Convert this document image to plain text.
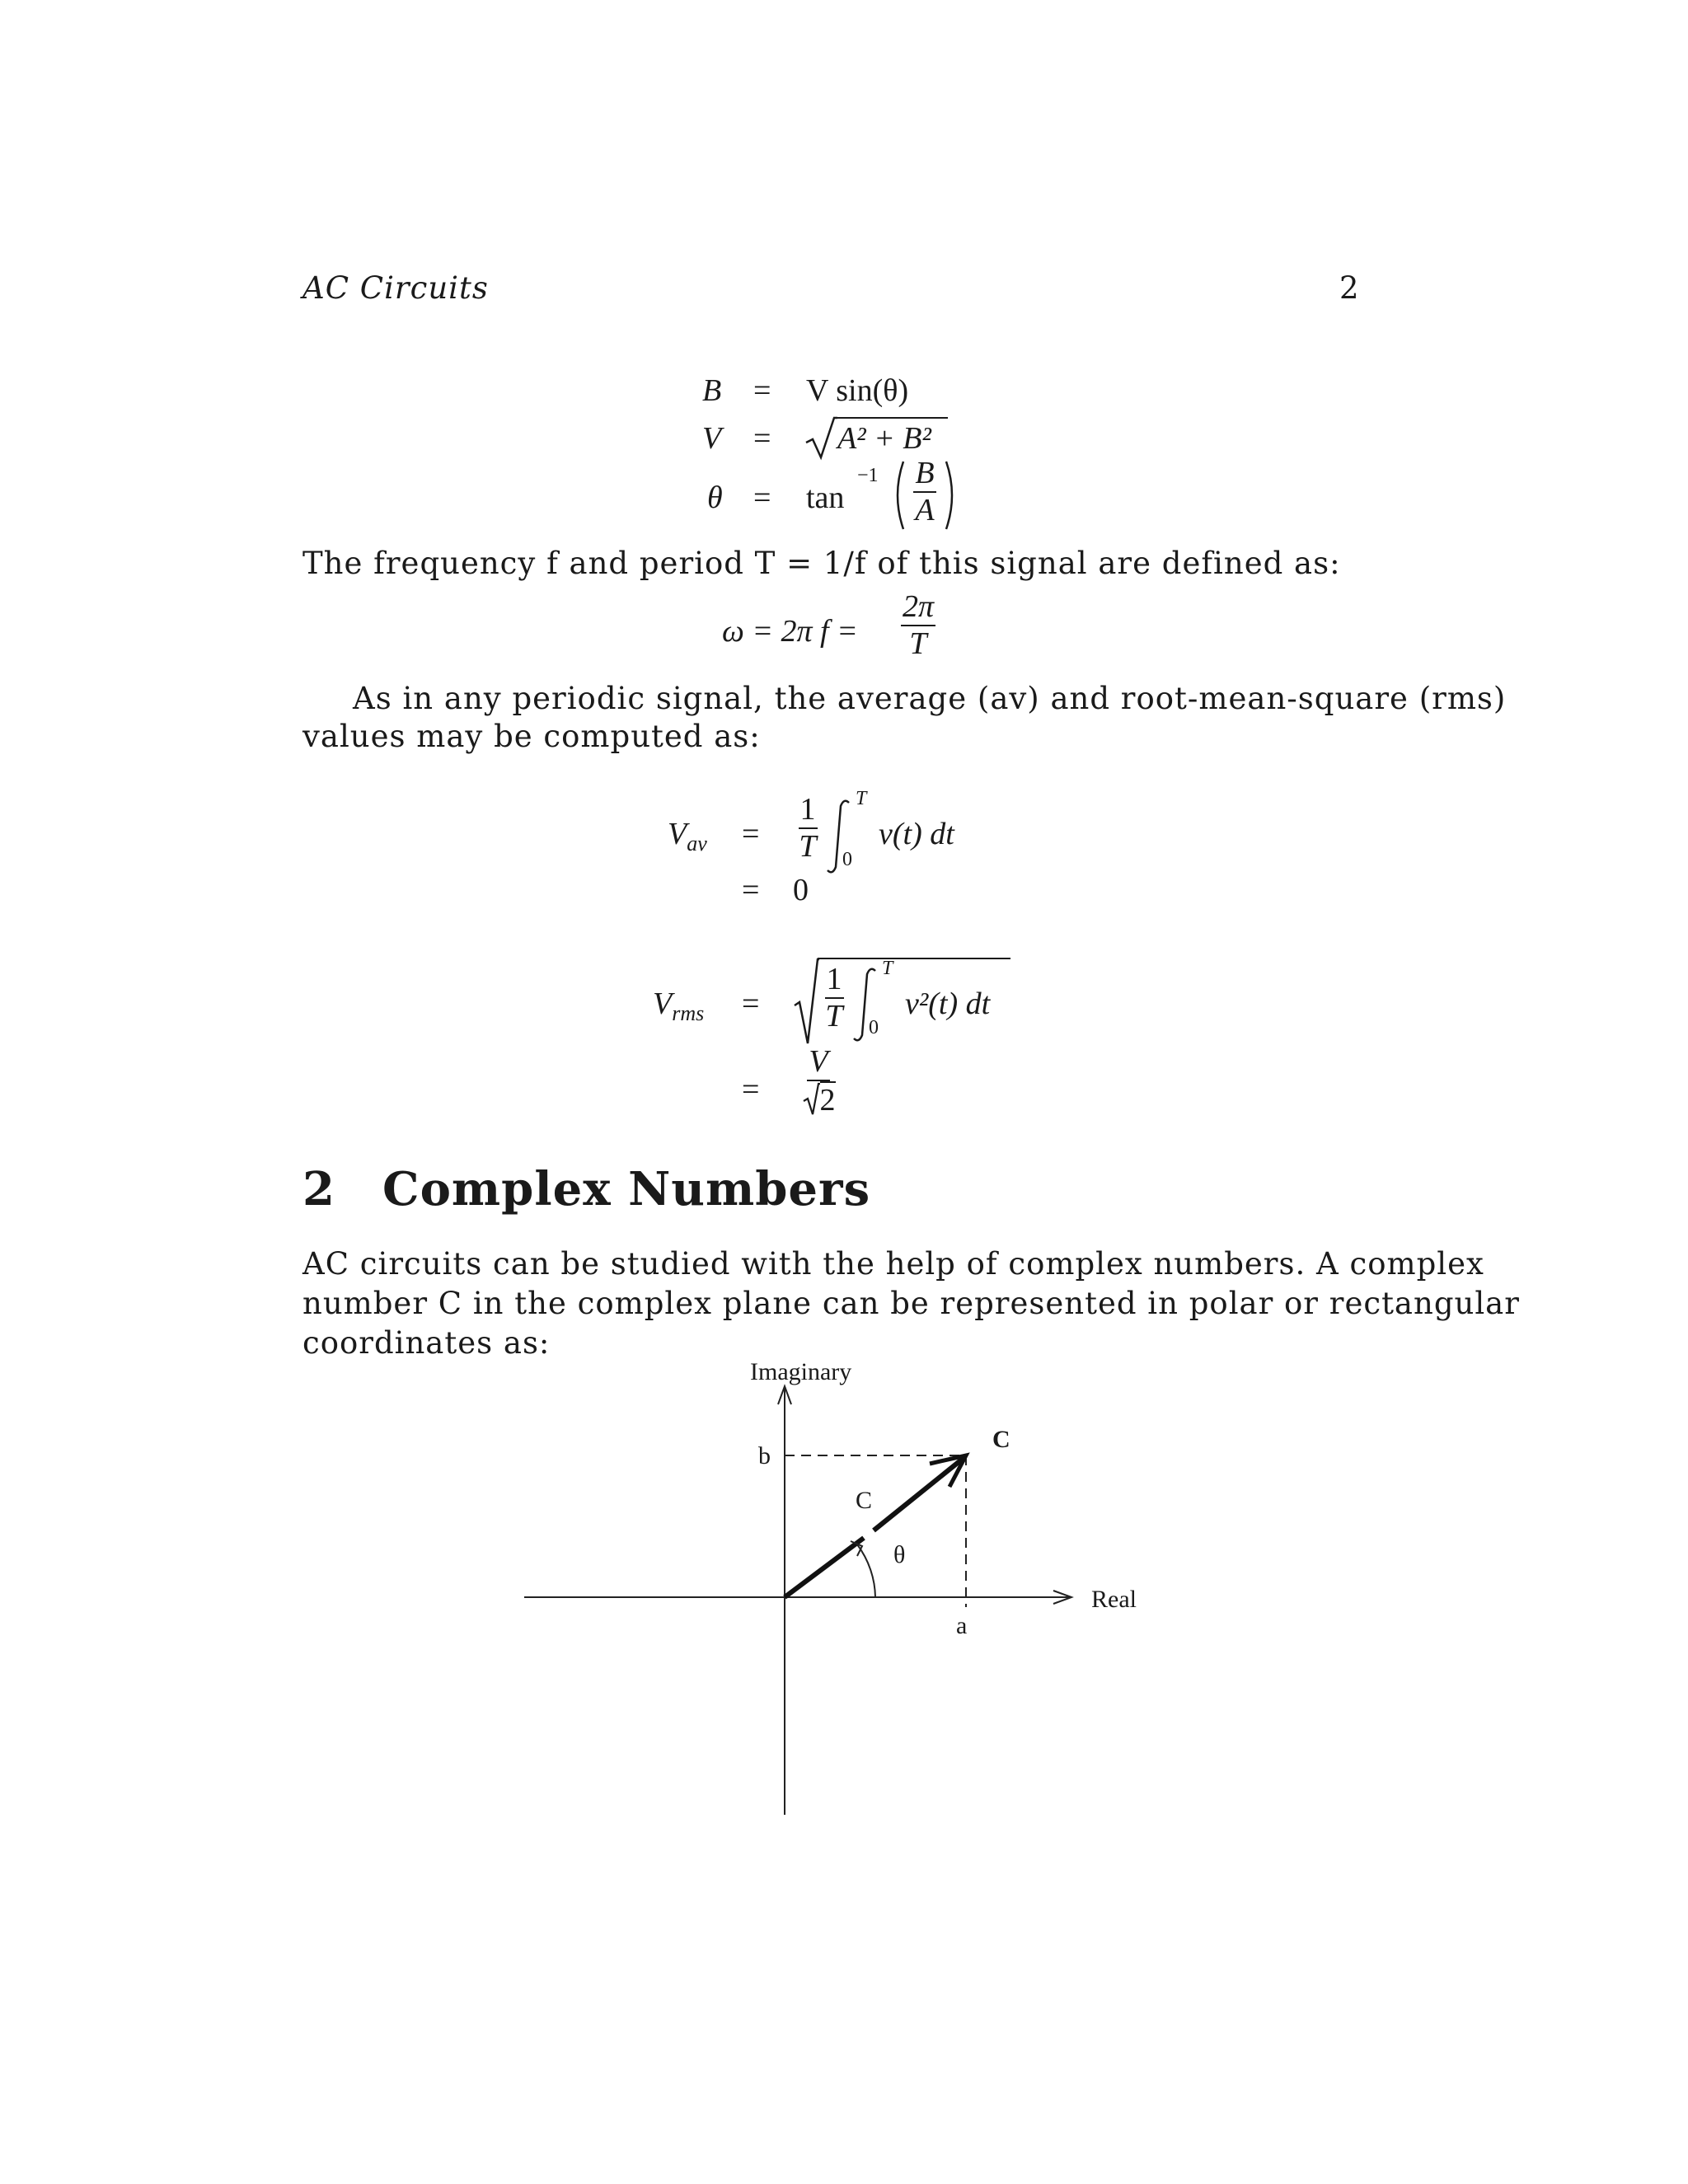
AC Circuits	2
B = V sin(θ)
V = A² + B²
θ = tan
$-1 \frac{B}{A}$
The frequency f and period T = 1/f of this signal are defined as:
ω = 2π $f = \frac{2\pi}{T}$
As in any periodic signal, the average (av) and root-mean-square (rms)
values may be computed as:
$V_{av} = \frac{1}{T}$ T
0
v(t) dt
= 0
$V_{rms} = \frac{1}{T}$ T
0
v²(t) dt
= $\frac{V}{2}$
2 Complex Numbers
AC circuits can be studied with the help of complex numbers. A complex
number C in the complex plane can be represented in polar or rectangular
coordinates as:
Imaginary
Real
b
a
C
C
θ
